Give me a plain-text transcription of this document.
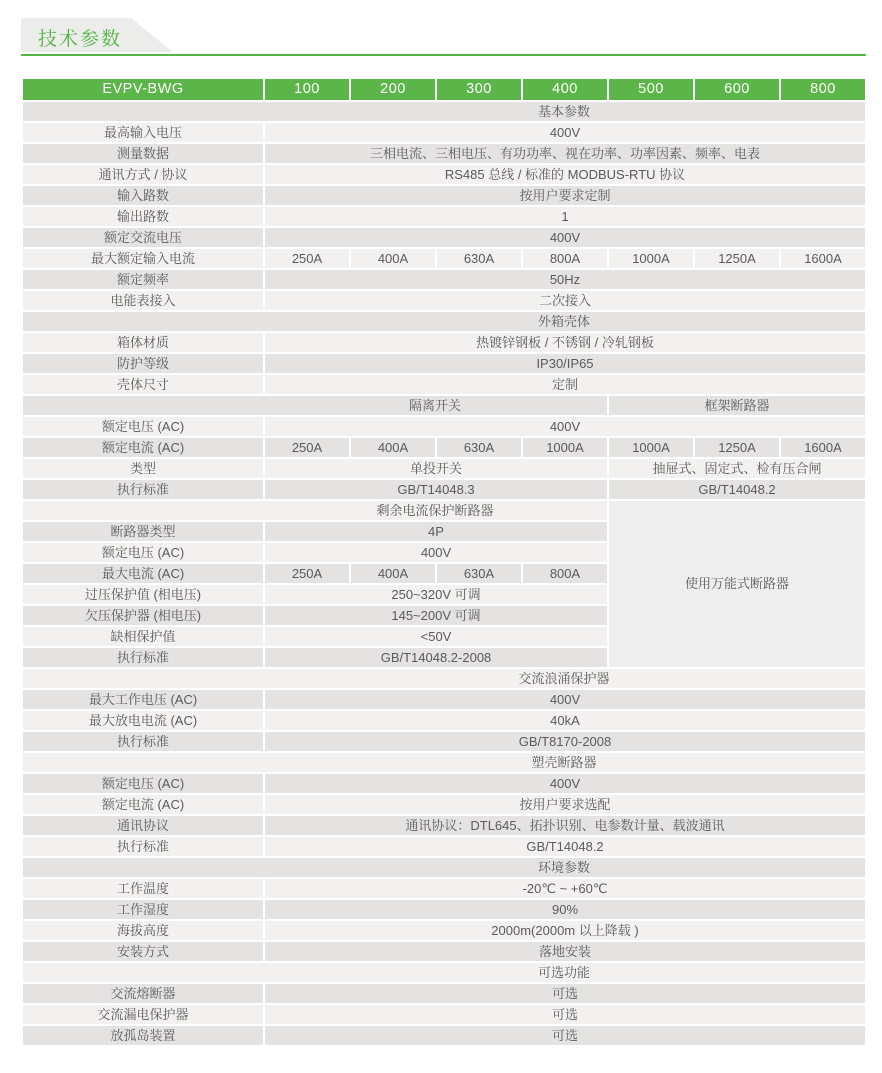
技术参数
EVPV-BWG	100	200	300	400	500	600	800
基本参数							
最高输入电压	400V						
测量数据	三相电流、三相电压、有功功率、视在功率、功率因素、频率、电表						
通讯方式 / 协议	RS485 总线 / 标准的 MODBUS-RTU 协议						
输入路数	按用户要求定制						
输出路数	1						
额定交流电压	400V						
最大额定输入电流	250A	400A	630A	800A	1000A	1250A	1600A
额定频率	50Hz						
电能表接入	二次接入						
外箱壳体							
箱体材质	热镀锌钢板 / 不锈钢 / 冷轧钢板						
防护等级	IP30/IP65						
壳体尺寸	定制						
隔离开关					框架断路器		
额定电压 (AC)	400V						
额定电流 (AC)	250A	400A	630A	1000A	1000A	1250A	1600A
类型	单投开关				抽屉式、固定式、检有压合闸		
执行标准	GB/T14048.3				GB/T14048.2		
剩余电流保护断路器					使用万能式断路器		
断路器类型	4P						
额定电压 (AC)	400V						
最大电流 (AC)	250A	400A	630A	800A			
过压保护值 (相电压)	250~320V 可调						
欠压保护器 (相电压)	145~200V 可调						
缺相保护值	<50V						
执行标准	GB/T14048.2-2008						
交流浪涌保护器							
最大工作电压 (AC)	400V						
最大放电电流 (AC)	40kA						
执行标准	GB/T8170-2008						
塑壳断路器							
额定电压 (AC)	400V						
额定电流 (AC)	按用户要求选配						
通讯协议	通讯协议：DTL645、拓扑识别、电参数计量、载波通讯						
执行标准	GB/T14048.2						
环境参数							
工作温度	-20℃ ~ +60℃						
工作湿度	90%						
海拔高度	2000m(2000m 以上降载 )						
安装方式	落地安装						
可选功能							
交流熔断器	可选						
交流漏电保护器	可选						
放孤岛装置	可选						
